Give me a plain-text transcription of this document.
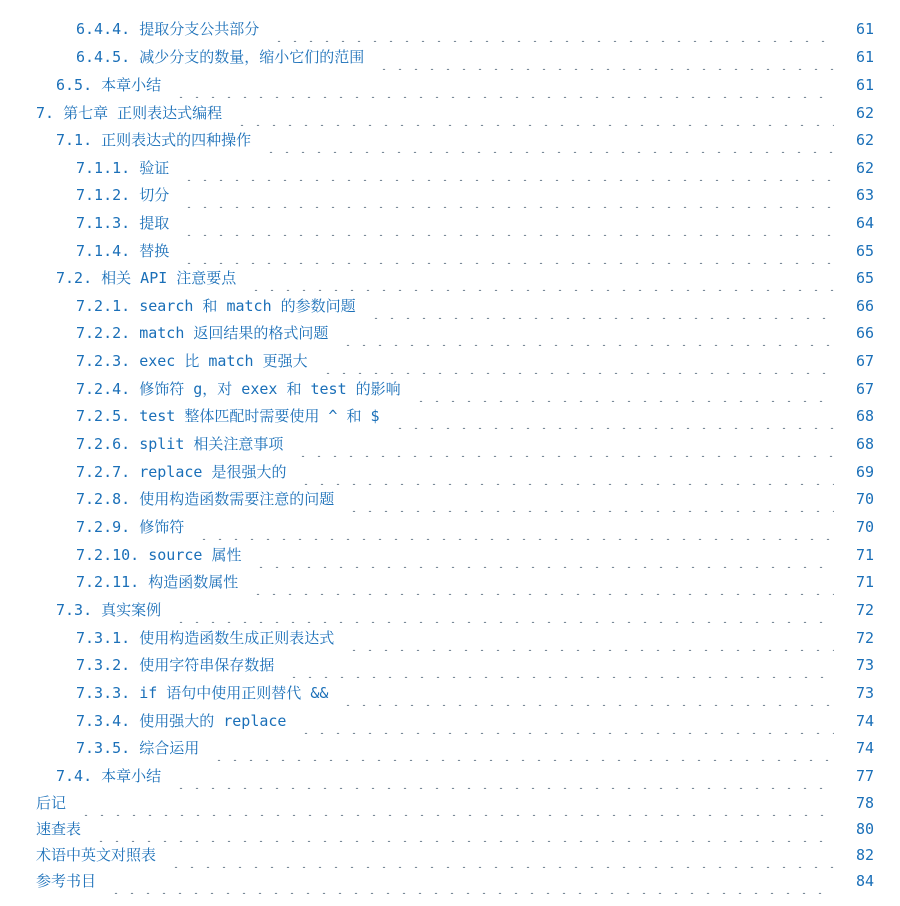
6.4.4. 提取分支公共部分	61
6.4.5. 减少分支的数量，缩小它们的范围	61
6.5. 本章小结	61
7. 第七章 正则表达式编程	62
7.1. 正则表达式的四种操作	62
7.1.1. 验证	62
7.1.2. 切分	63
7.1.3. 提取	64
7.1.4. 替换	65
7.2. 相关 API 注意要点	65
7.2.1. search 和 match 的参数问题	66
7.2.2. match 返回结果的格式问题	66
7.2.3. exec 比 match 更强大	67
7.2.4. 修饰符 g，对 exex 和 test 的影响	67
7.2.5. test 整体匹配时需要使用 ^ 和 $	68
7.2.6. split 相关注意事项	68
7.2.7. replace 是很强大的	69
7.2.8. 使用构造函数需要注意的问题	70
7.2.9. 修饰符	70
7.2.10. source 属性	71
7.2.11. 构造函数属性	71
7.3. 真实案例	72
7.3.1. 使用构造函数生成正则表达式	72
7.3.2. 使用字符串保存数据	73
7.3.3. if 语句中使用正则替代 &&	73
7.3.4. 使用强大的 replace	74
7.3.5. 综合运用	74
7.4. 本章小结	77
后记	78
速查表	80
术语中英文对照表	82
参考书目	84
